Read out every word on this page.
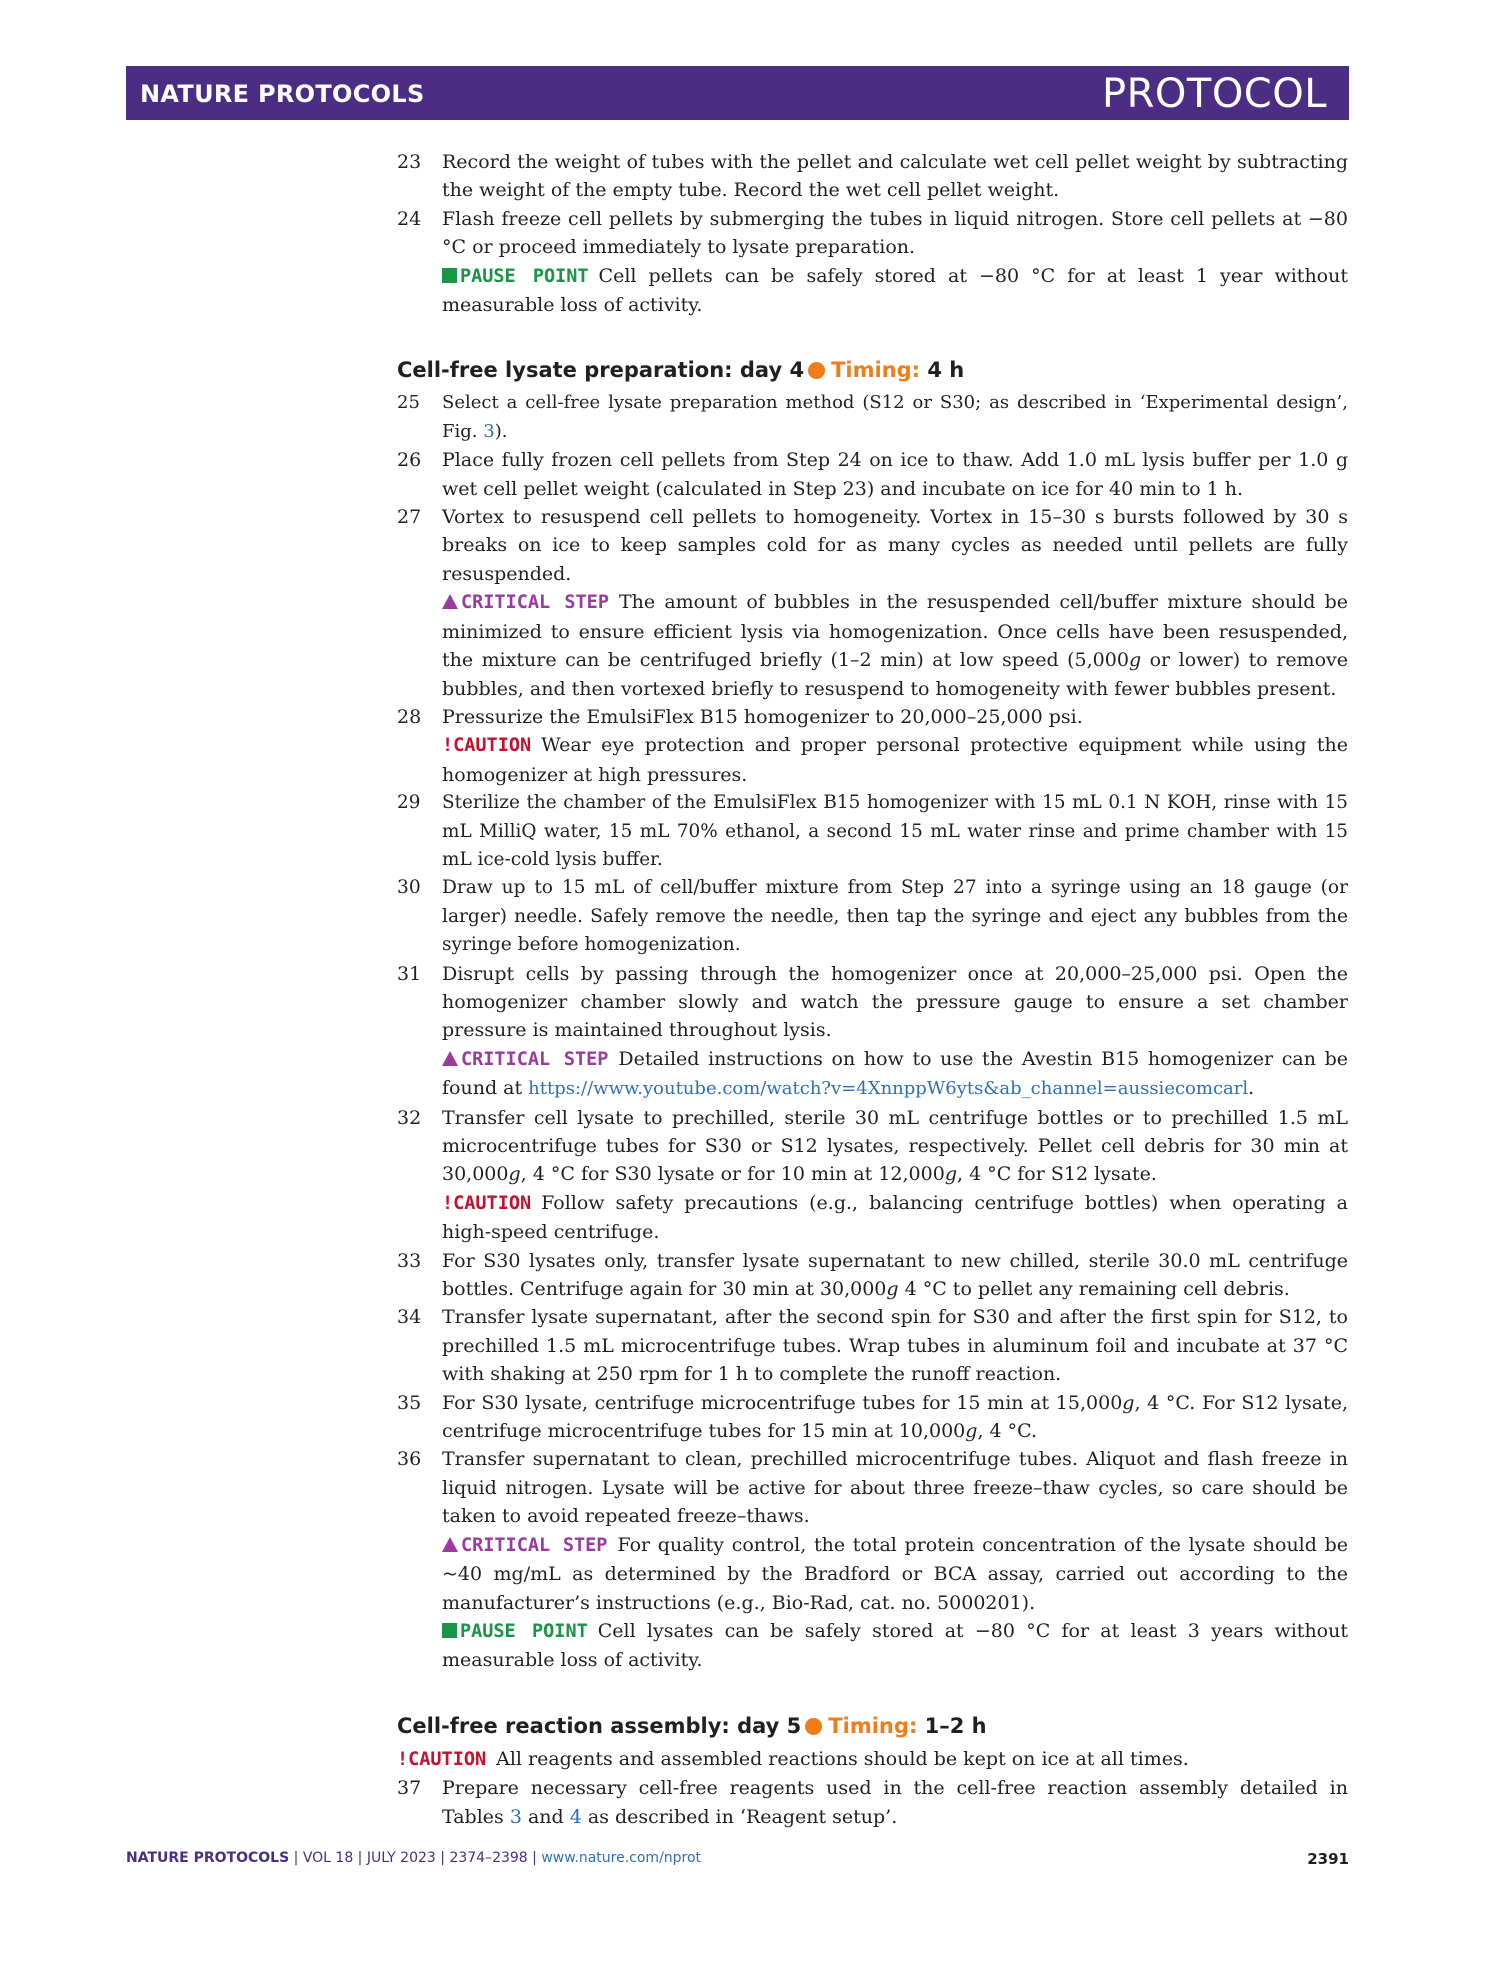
NATURE PROTOCOLS	PROTOCOL
23 Record the weight of tubes with the pellet and calculate wet cell pellet weight by subtracting the weight of the empty tube. Record the wet cell pellet weight.
24 Flash freeze cell pellets by submerging the tubes in liquid nitrogen. Store cell pellets at −80 °C or proceed immediately to lysate preparation.
PAUSE POINT Cell pellets can be safely stored at −80 °C for at least 1 year without measurable loss of activity.
Cell-free lysate preparation: day 4 Timing: 4 h
25 Select a cell-free lysate preparation method (S12 or S30; as described in ‘Experimental design’, Fig. 3).
26 Place fully frozen cell pellets from Step 24 on ice to thaw. Add 1.0 mL lysis buffer per 1.0 g wet cell pellet weight (calculated in Step 23) and incubate on ice for 40 min to 1 h.
27 Vortex to resuspend cell pellets to homogeneity. Vortex in 15–30 s bursts followed by 30 s breaks on ice to keep samples cold for as many cycles as needed until pellets are fully resuspended.
CRITICAL STEP The amount of bubbles in the resuspended cell/buffer mixture should be minimized to ensure efficient lysis via homogenization. Once cells have been resuspended, the mixture can be centrifuged briefly (1–2 min) at low speed (5,000g or lower) to remove bubbles, and then vortexed briefly to resuspend to homogeneity with fewer bubbles present.
28 Pressurize the EmulsiFlex B15 homogenizer to 20,000–25,000 psi.
!CAUTION Wear eye protection and proper personal protective equipment while using the homogenizer at high pressures.
29 Sterilize the chamber of the EmulsiFlex B15 homogenizer with 15 mL 0.1 N KOH, rinse with 15 mL MilliQ water, 15 mL 70% ethanol, a second 15 mL water rinse and prime chamber with 15 mL ice-cold lysis buffer.
30 Draw up to 15 mL of cell/buffer mixture from Step 27 into a syringe using an 18 gauge (or larger) needle. Safely remove the needle, then tap the syringe and eject any bubbles from the syringe before homogenization.
31 Disrupt cells by passing through the homogenizer once at 20,000–25,000 psi. Open the homogenizer chamber slowly and watch the pressure gauge to ensure a set chamber pressure is maintained throughout lysis.
CRITICAL STEP Detailed instructions on how to use the Avestin B15 homogenizer can be found at https://www.youtube.com/watch?v=4XnnppW6yts&ab_channel=aussiecomcarl.
32 Transfer cell lysate to prechilled, sterile 30 mL centrifuge bottles or to prechilled 1.5 mL microcentrifuge tubes for S30 or S12 lysates, respectively. Pellet cell debris for 30 min at 30,000g, 4 °C for S30 lysate or for 10 min at 12,000g, 4 °C for S12 lysate.
!CAUTION Follow safety precautions (e.g., balancing centrifuge bottles) when operating a high-speed centrifuge.
33 For S30 lysates only, transfer lysate supernatant to new chilled, sterile 30.0 mL centrifuge bottles. Centrifuge again for 30 min at 30,000g 4 °C to pellet any remaining cell debris.
34 Transfer lysate supernatant, after the second spin for S30 and after the first spin for S12, to prechilled 1.5 mL microcentrifuge tubes. Wrap tubes in aluminum foil and incubate at 37 °C with shaking at 250 rpm for 1 h to complete the runoff reaction.
35 For S30 lysate, centrifuge microcentrifuge tubes for 15 min at 15,000g, 4 °C. For S12 lysate, centrifuge microcentrifuge tubes for 15 min at 10,000g, 4 °C.
36 Transfer supernatant to clean, prechilled microcentrifuge tubes. Aliquot and flash freeze in liquid nitrogen. Lysate will be active for about three freeze–thaw cycles, so care should be taken to avoid repeated freeze–thaws.
CRITICAL STEP For quality control, the total protein concentration of the lysate should be ~40 mg/mL as determined by the Bradford or BCA assay, carried out according to the manufacturer’s instructions (e.g., Bio-Rad, cat. no. 5000201).
PAUSE POINT Cell lysates can be safely stored at −80 °C for at least 3 years without measurable loss of activity.
Cell-free reaction assembly: day 5 Timing: 1–2 h
!CAUTION All reagents and assembled reactions should be kept on ice at all times.
37 Prepare necessary cell-free reagents used in the cell-free reaction assembly detailed in Tables 3 and 4 as described in ‘Reagent setup’.
NATURE PROTOCOLS | VOL 18 | JULY 2023 | 2374–2398 | www.nature.com/nprot	2391
